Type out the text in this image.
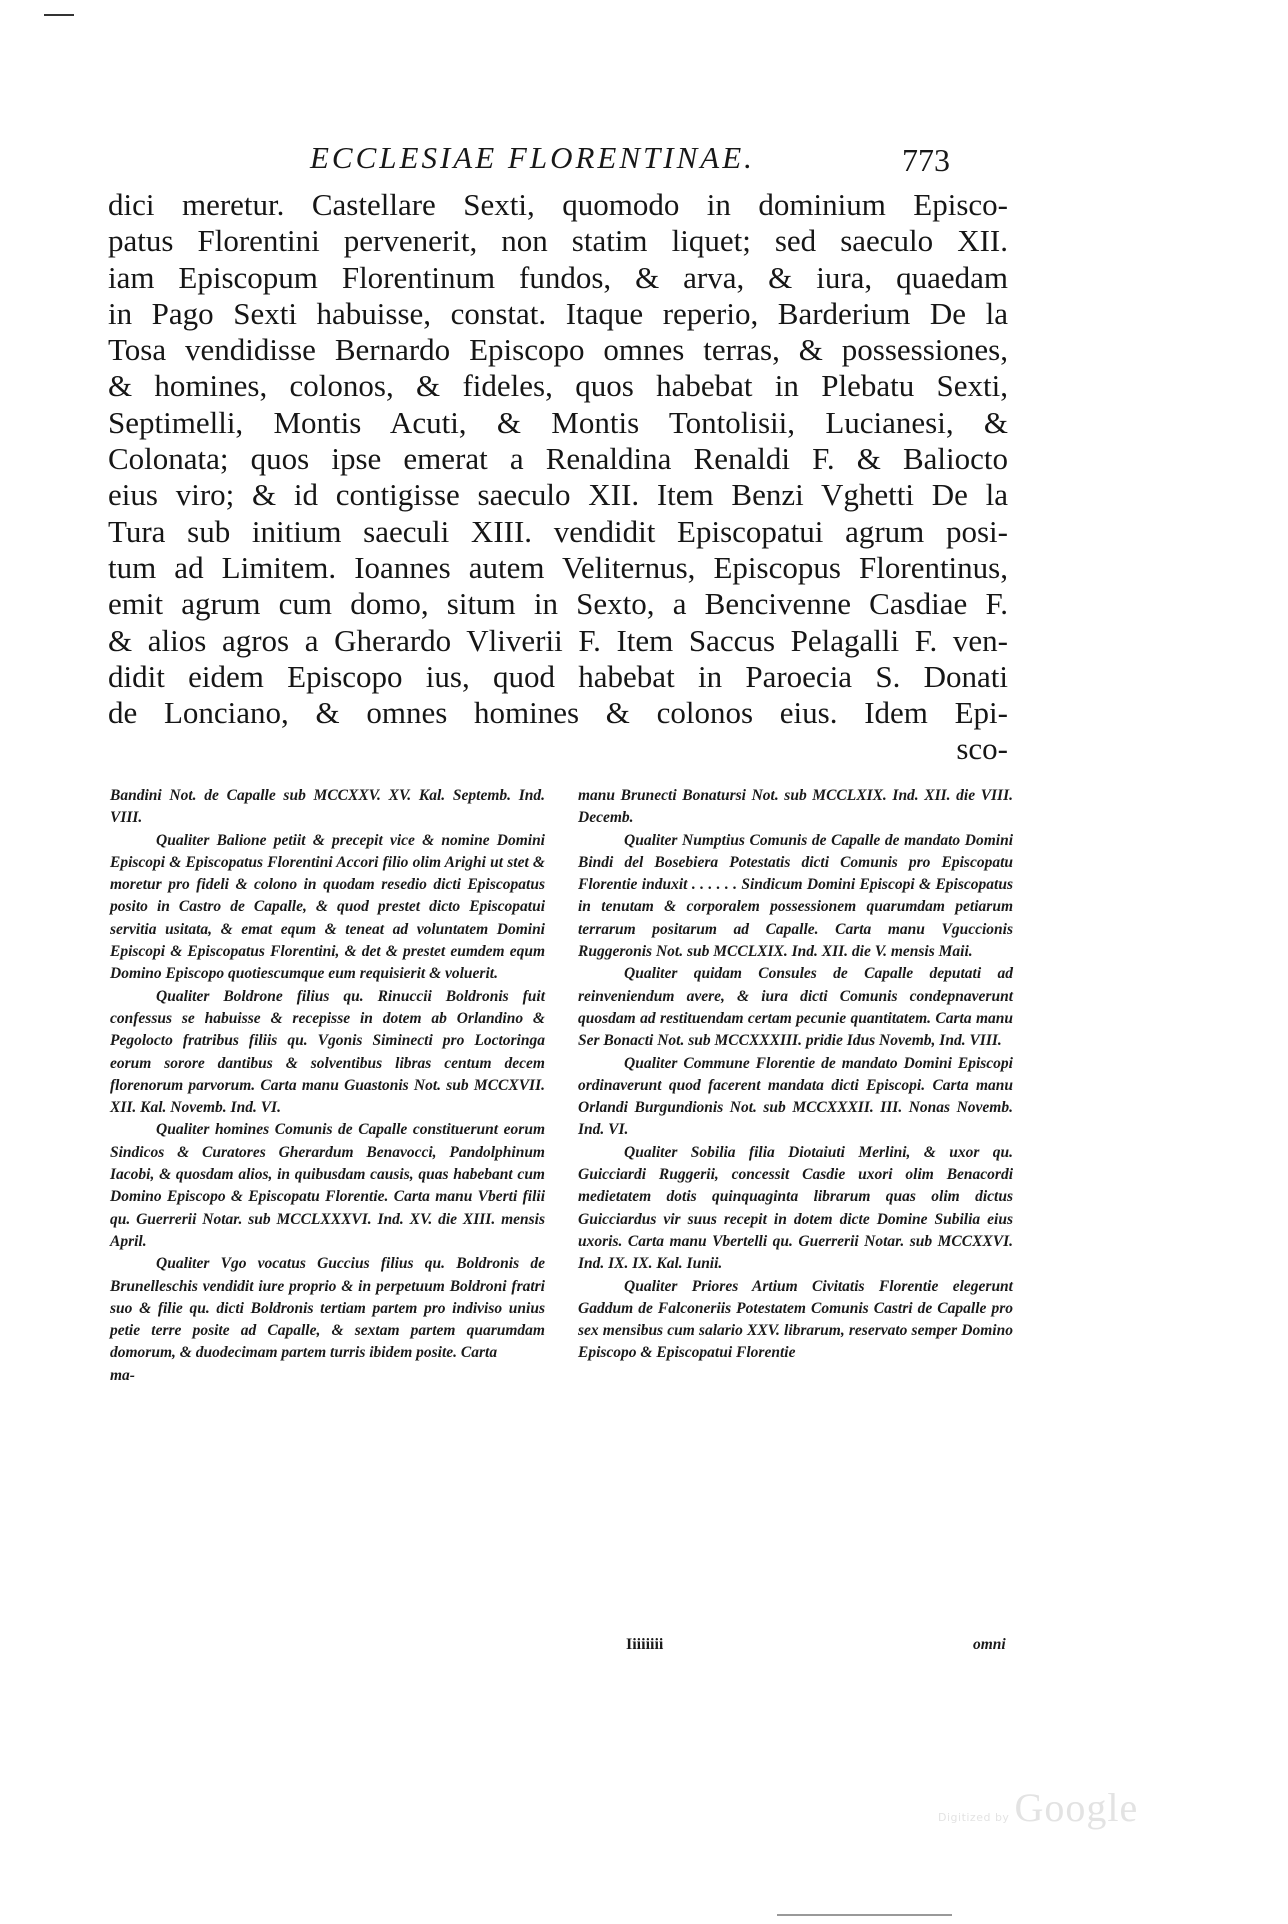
ECCLESIAE FLORENTINAE.	773
dici meretur. Castellare Sexti, quomodo in dominium Episco-
patus Florentini pervenerit, non statim liquet; sed saeculo XII.
iam Episcopum Florentinum fundos, & arva, & iura, quaedam
in Pago Sexti habuisse, constat. Itaque reperio, Barderium De la
Tosa vendidisse Bernardo Episcopo omnes terras, & possessiones,
& homines, colonos, & fideles, quos habebat in Plebatu Sexti,
Septimelli, Montis Acuti, & Montis Tontolisii, Lucianesi, &
Colonata; quos ipse emerat a Renaldina Renaldi F. & Baliocto
eius viro; & id contigisse saeculo XII. Item Benzi Vghetti De la
Tura sub initium saeculi XIII. vendidit Episcopatui agrum posi-
tum ad Limitem. Ioannes autem Veliternus, Episcopus Florentinus,
emit agrum cum domo, situm in Sexto, a Bencivenne Casdiae F.
& alios agros a Gherardo Vliverii F. Item Saccus Pelagalli F. ven-
didit eidem Episcopo ius, quod habebat in Paroecia S. Donati
de Lonciano, & omnes homines & colonos eius. Idem Epi-
sco-

Bandini Not. de Capalle sub MCCXXV. XV. Kal. Septemb. Ind. VIII.

Qualiter Balione petiit & precepit vice & nomine Domini Episcopi & Episcopatus Florentini Accori filio olim Arighi ut stet & moretur pro fideli & colono in quodam resedio dicti Episcopatus posito in Castro de Capalle, & quod prestet dicto Episcopatui servitia usitata, & emat equm & teneat ad voluntatem Domini Episcopi & Episcopatus Florentini, & det & prestet eumdem equm Domino Episcopo quotiescumque eum requisierit & voluerit.

Qualiter Boldrone filius qu. Rinuccii Boldronis fuit confessus se habuisse & recepisse in dotem ab Orlandino & Pegolocto fratribus filiis qu. Vgonis Siminecti pro Loctoringa eorum sorore dantibus & solventibus libras centum decem florenorum parvorum. Carta manu Guastonis Not. sub MCCXVII. XII. Kal. Novemb. Ind. VI.

Qualiter homines Comunis de Capalle constituerunt eorum Sindicos & Curatores Gherardum Benavocci, Pandolphinum Iacobi, & quosdam alios, in quibusdam causis, quas habebant cum Domino Episcopo & Episcopatu Florentie. Carta manu Vberti filii qu. Guerrerii Notar. sub MCCLXXXVI. Ind. XV. die XIII. mensis April.

Qualiter Vgo vocatus Guccius filius qu. Boldronis de Brunelleschis vendidit iure proprio & in perpetuum Boldroni fratri suo & filie qu. dicti Boldronis tertiam partem pro indiviso unius petie terre posite ad Capalle, & sextam partem quarumdam domorum, & duodecimam partem turris ibidem posite. Carta

ma-

manu Brunecti Bonatursi Not. sub MCCLXIX. Ind. XII. die VIII. Decemb.

Qualiter Numptius Comunis de Capalle de mandato Domini Bindi del Bosebiera Potestatis dicti Comunis pro Episcopatu Florentie induxit . . . . . . Sindicum Domini Episcopi & Episcopatus in tenutam & corporalem possessionem quarumdam petiarum terrarum positarum ad Capalle. Carta manu Vguccionis Ruggeronis Not. sub MCCLXIX. Ind. XII. die V. mensis Maii.

Qualiter quidam Consules de Capalle deputati ad reinveniendum avere, & iura dicti Comunis condepnaverunt quosdam ad restituendam certam pecunie quantitatem. Carta manu Ser Bonacti Not. sub MCCXXXIII. pridie Idus Novemb, Ind. VIII.

Qualiter Commune Florentie de mandato Domini Episcopi ordinaverunt quod facerent mandata dicti Episcopi. Carta manu Orlandi Burgundionis Not. sub MCCXXXII. III. Nonas Novemb. Ind. VI.

Qualiter Sobilia filia Diotaiuti Merlini, & uxor qu. Guicciardi Ruggerii, concessit Casdie uxori olim Benacordi medietatem dotis quinquaginta librarum quas olim dictus Guicciardus vir suus recepit in dotem dicte Domine Subilia eius uxoris. Carta manu Vbertelli qu. Guerrerii Notar. sub MCCXXVI. Ind. IX. IX. Kal. Iunii.

Qualiter Priores Artium Civitatis Florentie elegerunt Gaddum de Falconeriis Potestatem Comunis Castri de Capalle pro sex mensibus cum salario XXV. librarum, reservato semper Domino Episcopo & Episcopatui Florentie

Iiiiiiii	omni
Digitized by Google
